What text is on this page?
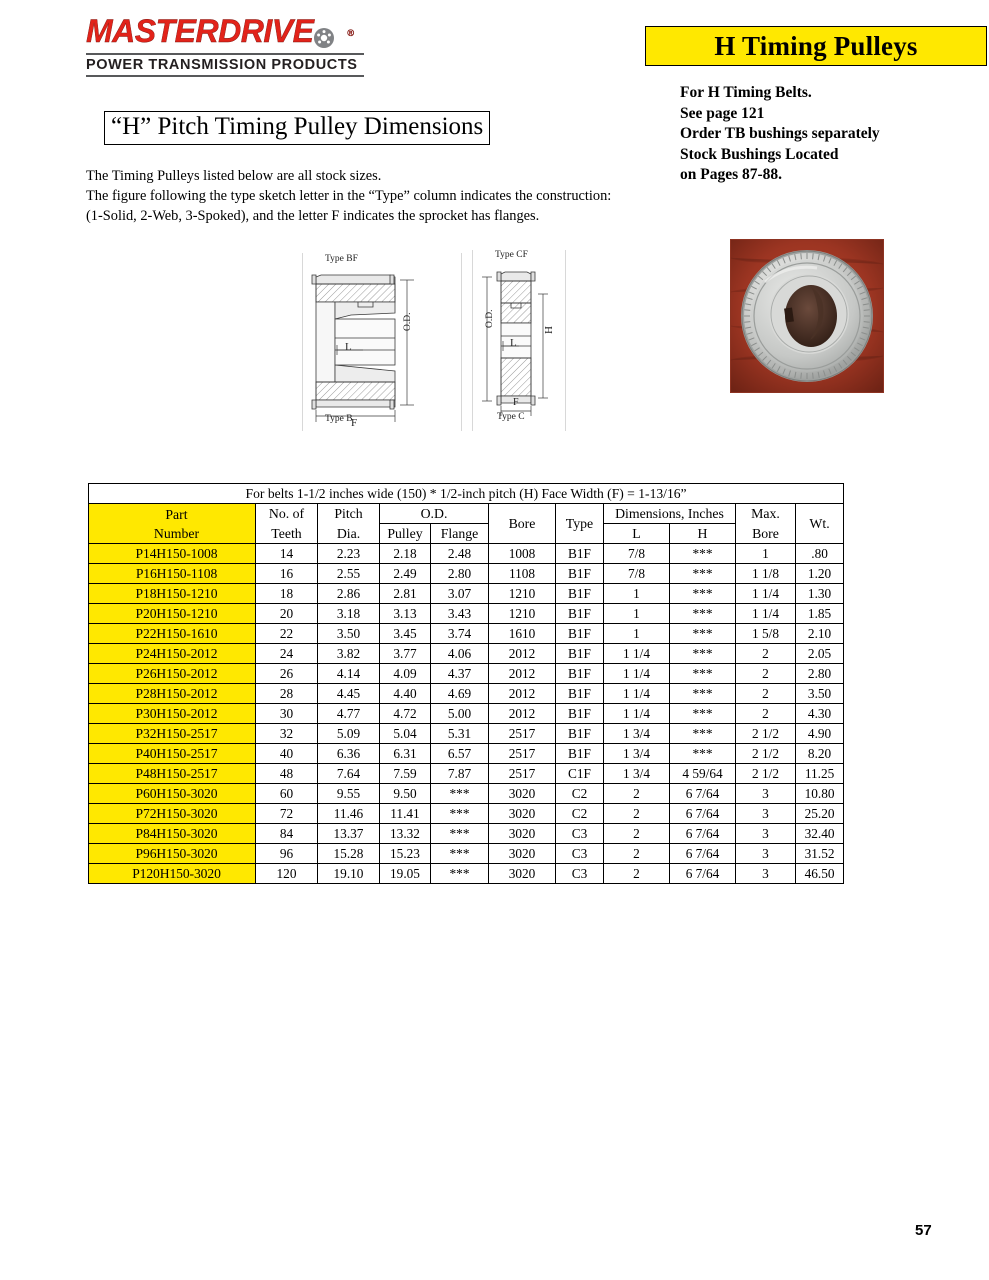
MASTERDRIVE	®
POWER TRANSMISSION PRODUCTS
H Timing Pulleys
For H Timing Belts.
See page 121
Order TB bushings separately
Stock Bushings Located
on Pages 87-88.
“H” Pitch Timing Pulley Dimensions
The Timing Pulleys listed below are all stock sizes.
The figure following the type sketch letter in the “Type” column indicates the construction:
(1-Solid, 2-Web, 3-Spoked), and the letter F indicates the sprocket has flanges.
Type BF
Type B
O.D.
L
F
Type CF
Type C
O.D.
H
L
F
For belts 1-1/2 inches wide (150) * 1/2-inch pitch (H) Face Width (F) = 1-13/16”										

Part
Number	No. of	Pitch	O.D.		Bore	Type	Dimensions, Inches		Max.	Wt.
	Teeth	Dia.	Pulley	Flange			L	H	Bore	
P14H150-1008	14	2.23	2.18	2.48	1008	B1F	7/8	***	1	.80
P16H150-1108	16	2.55	2.49	2.80	1108	B1F	7/8	***	1 1/8	1.20
P18H150-1210	18	2.86	2.81	3.07	1210	B1F	1	***	1 1/4	1.30
P20H150-1210	20	3.18	3.13	3.43	1210	B1F	1	***	1 1/4	1.85
P22H150-1610	22	3.50	3.45	3.74	1610	B1F	1	***	1 5/8	2.10
P24H150-2012	24	3.82	3.77	4.06	2012	B1F	1 1/4	***	2	2.05
P26H150-2012	26	4.14	4.09	4.37	2012	B1F	1 1/4	***	2	2.80
P28H150-2012	28	4.45	4.40	4.69	2012	B1F	1 1/4	***	2	3.50
P30H150-2012	30	4.77	4.72	5.00	2012	B1F	1 1/4	***	2	4.30
P32H150-2517	32	5.09	5.04	5.31	2517	B1F	1 3/4	***	2 1/2	4.90
P40H150-2517	40	6.36	6.31	6.57	2517	B1F	1 3/4	***	2 1/2	8.20
P48H150-2517	48	7.64	7.59	7.87	2517	C1F	1 3/4	4 59/64	2 1/2	11.25
P60H150-3020	60	9.55	9.50	***	3020	C2	2	6 7/64	3	10.80
P72H150-3020	72	11.46	11.41	***	3020	C2	2	6 7/64	3	25.20
P84H150-3020	84	13.37	13.32	***	3020	C3	2	6 7/64	3	32.40
P96H150-3020	96	15.28	15.23	***	3020	C3	2	6 7/64	3	31.52
P120H150-3020	120	19.10	19.05	***	3020	C3	2	6 7/64	3	46.50
57
